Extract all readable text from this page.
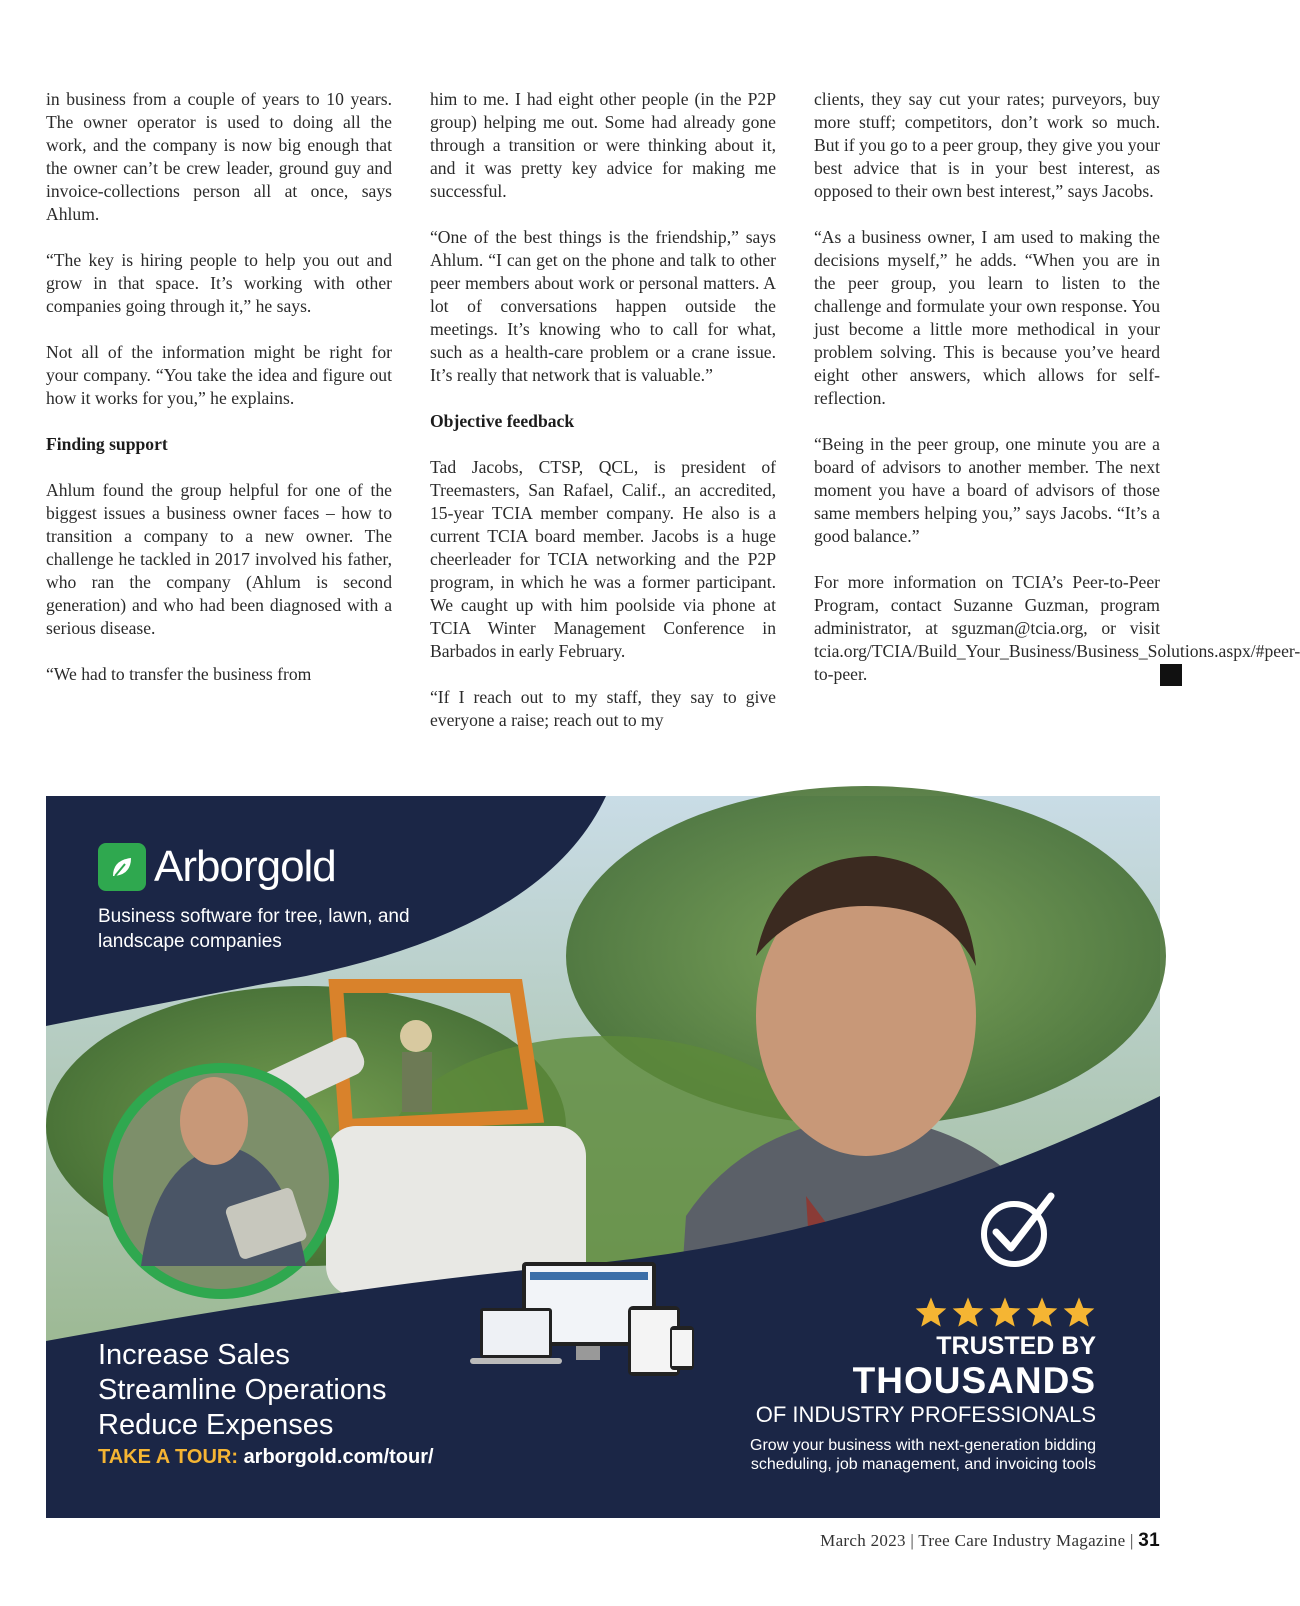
in business from a couple of years to 10 years. The owner operator is used to doing all the work, and the company is now big enough that the owner can’t be crew leader, ground guy and invoice-collections person all at once, says Ahlum.

“The key is hiring people to help you out and grow in that space. It’s working with other companies going through it,” he says.

Not all of the information might be right for your company. “You take the idea and figure out how it works for you,” he explains.

Finding support

Ahlum found the group helpful for one of the biggest issues a business owner faces – how to transition a company to a new owner. The challenge he tackled in 2017 involved his father, who ran the company (Ahlum is second generation) and who had been diagnosed with a serious disease.

“We had to transfer the business from

him to me. I had eight other people (in the P2P group) helping me out. Some had already gone through a transition or were thinking about it, and it was pretty key advice for making me successful.

“One of the best things is the friendship,” says Ahlum. “I can get on the phone and talk to other peer members about work or personal matters. A lot of conversations happen outside the meetings. It’s knowing who to call for what, such as a health-care problem or a crane issue. It’s really that network that is valuable.”

Objective feedback

Tad Jacobs, CTSP, QCL, is president of Treemasters, San Rafael, Calif., an accredited, 15-year TCIA member company. He also is a current TCIA board member. Jacobs is a huge cheerleader for TCIA networking and the P2P program, in which he was a former participant. We caught up with him poolside via phone at TCIA Winter Management Conference in Barbados in early February.

“If I reach out to my staff, they say to give everyone a raise; reach out to my

clients, they say cut your rates; purveyors, buy more stuff; competitors, don’t work so much. But if you go to a peer group, they give you your best advice that is in your best interest, as opposed to their own best interest,” says Jacobs.

“As a business owner, I am used to making the decisions myself,” he adds. “When you are in the peer group, you learn to listen to the challenge and formulate your own response. You just become a little more methodical in your problem solving. This is because you’ve heard eight other answers, which allows for self-reflection.

“Being in the peer group, one minute you are a board of advisors to another member. The next moment you have a board of advisors of those same members helping you,” says Jacobs. “It’s a good balance.”

For more information on TCIA’s Peer-to-Peer Program, contact Suzanne Guzman, program administrator, at sguzman@tcia.org, or visit tcia.org/TCIA/Build_Your_Business/Business_Solutions.aspx/#peer-to-peer.

Arborgold
Business software for tree, lawn, and landscape companies
Increase Sales
Streamline Operations
Reduce Expenses
TAKE A TOUR: arborgold.com/tour/
TRUSTED BY
THOUSANDS
OF INDUSTRY PROFESSIONALS
Grow your business with next-generation bidding scheduling, job management, and invoicing tools
March 2023 | Tree Care Industry Magazine | 31
